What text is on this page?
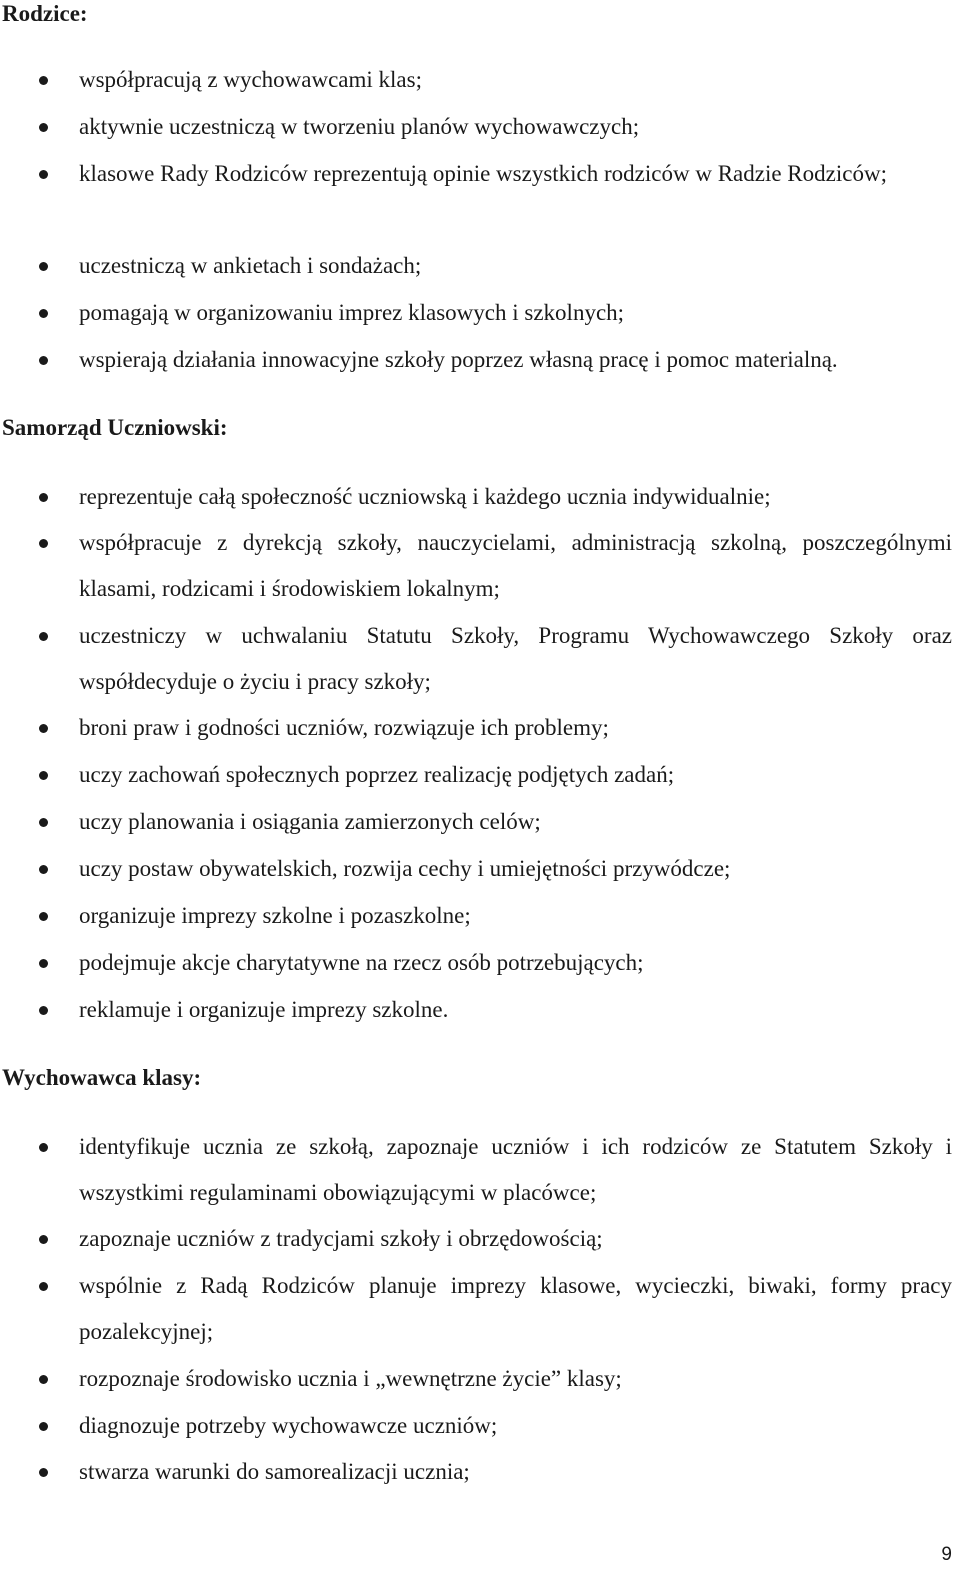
Rodzice:
współpracują z wychowawcami klas;
aktywnie uczestniczą w tworzeniu planów wychowawczych;
klasowe Rady Rodziców reprezentują opinie wszystkich rodziców w Radzie Rodziców;
uczestniczą w ankietach i sondażach;
pomagają w organizowaniu imprez klasowych i szkolnych;
wspierają działania innowacyjne szkoły poprzez własną pracę i pomoc materialną.
Samorząd Uczniowski:
reprezentuje całą społeczność uczniowską i każdego ucznia indywidualnie;
współpracuje z dyrekcją szkoły, nauczycielami, administracją szkolną, poszczególnymi klasami, rodzicami i środowiskiem lokalnym;
uczestniczy w uchwalaniu Statutu Szkoły, Programu Wychowawczego Szkoły oraz współdecyduje o życiu i pracy szkoły;
broni praw i godności uczniów, rozwiązuje ich problemy;
uczy zachowań społecznych poprzez realizację podjętych zadań;
uczy planowania i osiągania zamierzonych celów;
uczy postaw obywatelskich, rozwija cechy i umiejętności przywódcze;
organizuje imprezy szkolne i pozaszkolne;
podejmuje akcje charytatywne na rzecz osób potrzebujących;
reklamuje i organizuje imprezy szkolne.
Wychowawca klasy:
identyfikuje ucznia ze szkołą, zapoznaje uczniów i ich rodziców ze Statutem Szkoły i wszystkimi regulaminami obowiązującymi w placówce;
zapoznaje uczniów z tradycjami szkoły i obrzędowością;
wspólnie z Radą Rodziców planuje imprezy klasowe, wycieczki, biwaki, formy pracy pozalekcyjnej;
rozpoznaje środowisko ucznia i „wewnętrzne życie” klasy;
diagnozuje potrzeby wychowawcze uczniów;
stwarza warunki do samorealizacji ucznia;
9
